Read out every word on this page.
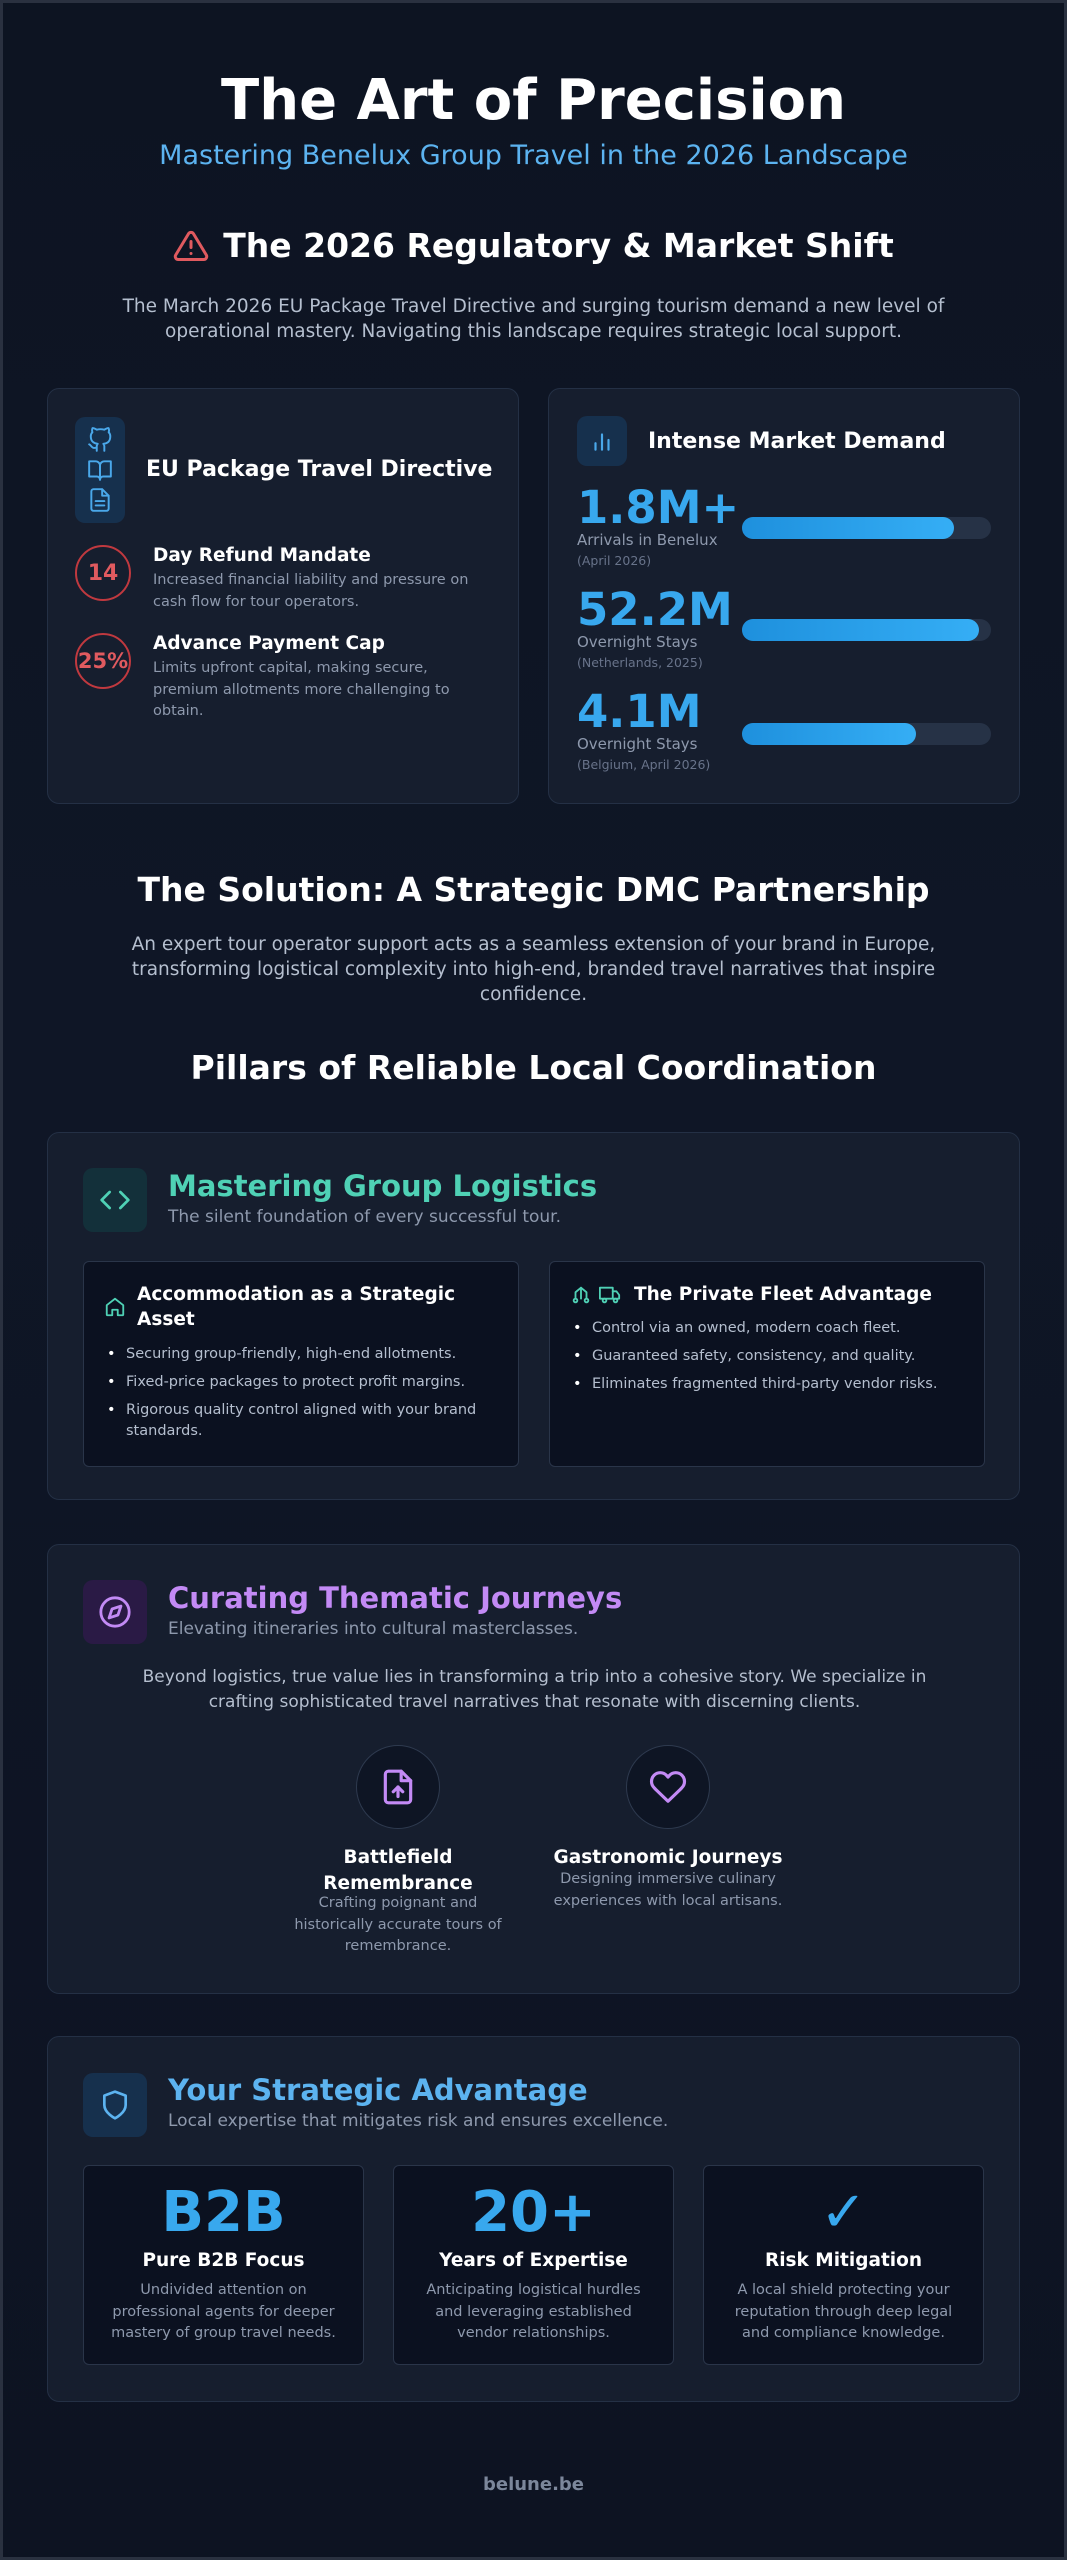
The Art of Precision
Mastering Benelux Group Travel in the 2026 Landscape
The 2026 Regulatory & Market Shift
The March 2026 EU Package Travel Directive and surging tourism demand a new level of operational mastery. Navigating this landscape requires strategic local support.
EU Package Travel Directive
14
Day Refund Mandate
Increased financial liability and pressure on cash flow for tour operators.
25%
Advance Payment Cap
Limits upfront capital, making secure, premium allotments more challenging to obtain.
Intense Market Demand
1.8M+
Arrivals in Benelux
(April 2026)
52.2M
Overnight Stays
(Netherlands, 2025)
4.1M
Overnight Stays
(Belgium, April 2026)
The Solution: A Strategic DMC Partnership
An expert tour operator support acts as a seamless extension of your brand in Europe, transforming logistical complexity into high-end, branded travel narratives that inspire confidence.
Pillars of Reliable Local Coordination
Mastering Group Logistics
The silent foundation of every successful tour.
Accommodation as a Strategic Asset
• Securing group-friendly, high-end allotments.
• Fixed-price packages to protect profit margins.
• Rigorous quality control aligned with your brand standards.
The Private Fleet Advantage
• Control via an owned, modern coach fleet.
• Guaranteed safety, consistency, and quality.
• Eliminates fragmented third-party vendor risks.
Curating Thematic Journeys
Elevating itineraries into cultural masterclasses.
Beyond logistics, true value lies in transforming a trip into a cohesive story. We specialize in crafting sophisticated travel narratives that resonate with discerning clients.
Battlefield Remembrance
Crafting poignant and historically accurate tours of remembrance.
Gastronomic Journeys
Designing immersive culinary experiences with local artisans.
Your Strategic Advantage
Local expertise that mitigates risk and ensures excellence.
B2B
Pure B2B Focus
Undivided attention on professional agents for deeper mastery of group travel needs.
20+
Years of Expertise
Anticipating logistical hurdles and leveraging established vendor relationships.
✓
Risk Mitigation
A local shield protecting your reputation through deep legal and compliance knowledge.
belune.be
